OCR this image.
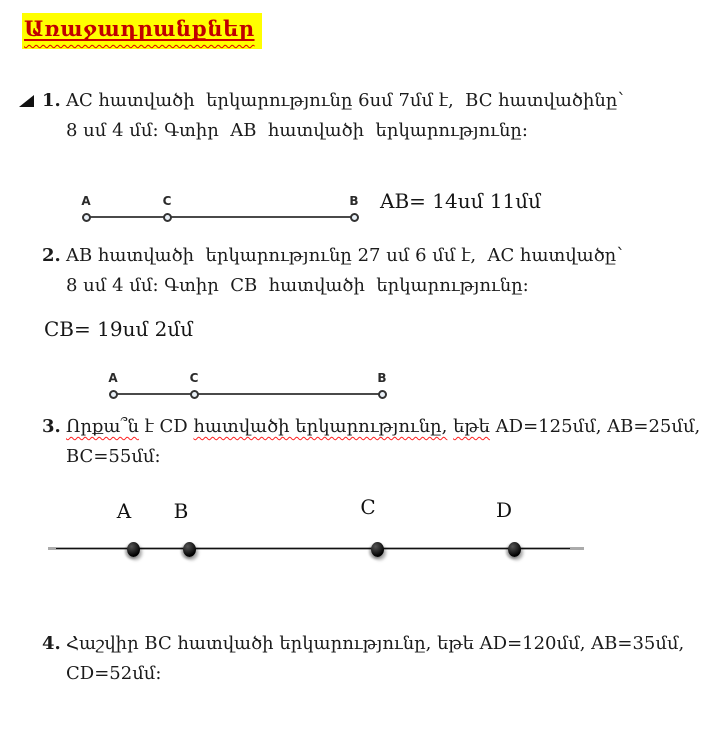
Առաջադրանքներ
1. AC հատվածի  երկարությունը 6սմ 7մմ է,  BC հատվածինը՝
8 սմ 4 մմ: Գտիր  AB  հատվածի  երկարությունը:
A	C	B AB= 14սմ 11մմ
2. AB հատվածի  երկարությունը 27 սմ 6 մմ է,  AC հատվածը՝
8 սմ 4 մմ: Գտիր  CB  հատվածի  երկարությունը:
CB= 19սմ 2մմ
A	C	B
3. Որքա՞ն է CD հատվածի երկարությունը, եթե AD=125մմ, AB=25մմ,
BC=55մմ:
A B	C	D
4. Հաշվիր BC հատվածի երկարությունը, եթե AD=120մմ, AB=35մմ,
CD=52մմ:
